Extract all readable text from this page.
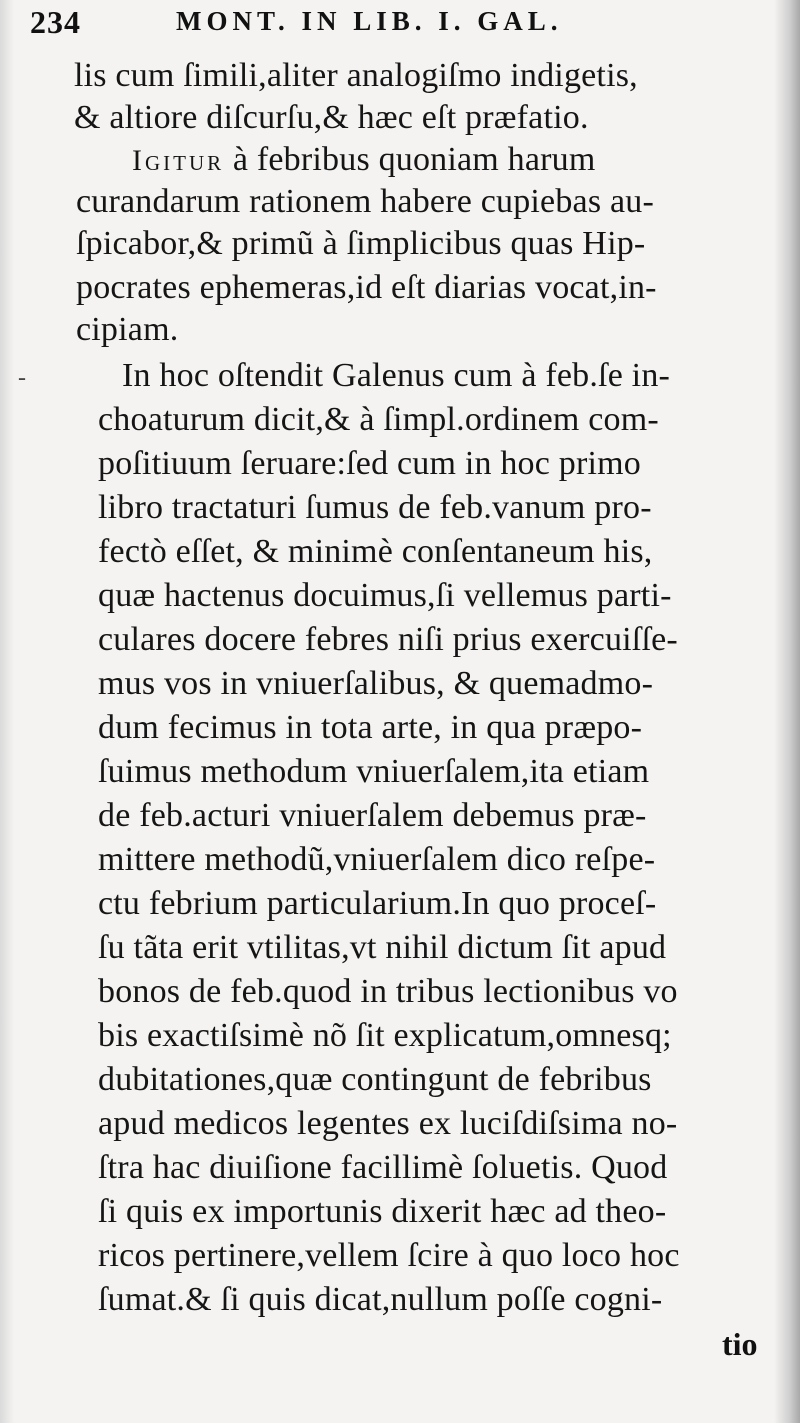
234	MONT. IN LIB. I. GAL.
-
lis cum ſimili,aliter analogiſmo indigetis,
& altiore diſcurſu,& hæc eſt præfatio.
Igitur à febribus quoniam harum
curandarum rationem habere cupiebas au-
ſpicabor,& primũ à ſimplicibus quas Hip-
pocrates ephemeras,id eſt diarias vocat,in-
cipiam.
In hoc oſtendit Galenus cum à feb.ſe in-
choaturum dicit,& à ſimpl.ordinem com-
poſitiuum ſeruare:ſed cum in hoc primo
libro tractaturi ſumus de feb.vanum pro-
fectò eſſet, & minimè conſentaneum his,
quæ hactenus docuimus,ſi vellemus parti-
culares docere febres niſi prius exercuiſſe-
mus vos in vniuerſalibus, & quemadmo-
dum fecimus in tota arte, in qua præpo-
ſuimus methodum vniuerſalem,ita etiam
de feb.acturi vniuerſalem debemus præ-
mittere methodũ,vniuerſalem dico reſpe-
ctu febrium particularium.In quo proceſ-
ſu tãta erit vtilitas,vt nihil dictum ſit apud
bonos de feb.quod in tribus lectionibus vo
bis exactiſsimè nõ ſit explicatum,omnesq;
dubitationes,quæ contingunt de febribus
apud medicos legentes ex luciſdiſsima no-
ſtra hac diuiſione facillimè ſoluetis. Quod
ſi quis ex importunis dixerit hæc ad theo-
ricos pertinere,vellem ſcire à quo loco hoc
ſumat.& ſi quis dicat,nullum poſſe cogni-
tio
